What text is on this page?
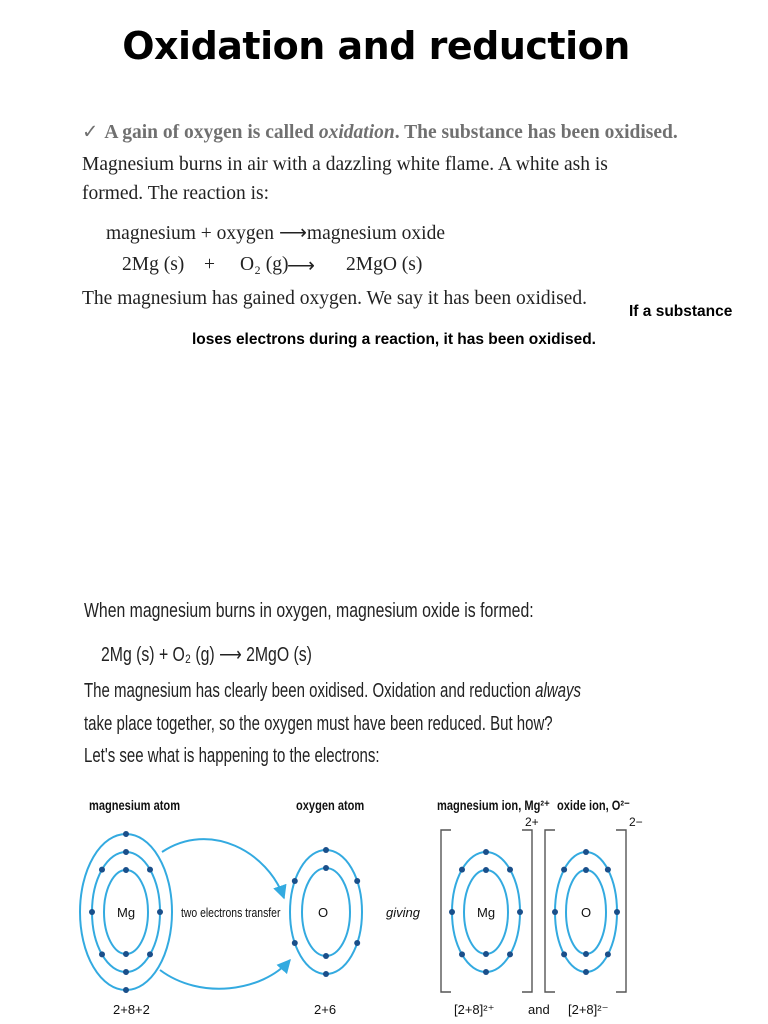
Oxidation and reduction
✓ A gain of oxygen is called oxidation. The substance has been oxidised.
Magnesium burns in air with a dazzling white flame. A white ash is formed. The reaction is:
magnesium + oxygen ⟶magnesium oxide
2Mg (s) + O₂ (g)
⟶ 2MgO (s)
The magnesium has gained oxygen. We say it has been oxidised.
If a substance
loses electrons during a reaction, it has been oxidised.
When magnesium burns in oxygen, magnesium oxide is formed:
2Mg (s) + O₂ (g) ⟶ 2MgO (s)
The magnesium has clearly been oxidised. Oxidation and reduction always
take place together, so the oxygen must have been reduced. But how?
Let's see what is happening to the electrons:
magnesium atom	oxygen atom	magnesium ion, Mg²⁺ oxide ion, O²⁻
Mg	O	Mg	O
two electrons transfer	giving
2+	2−
2+8+2	2+6	[2+8]²⁺	and [2+8]²⁻
